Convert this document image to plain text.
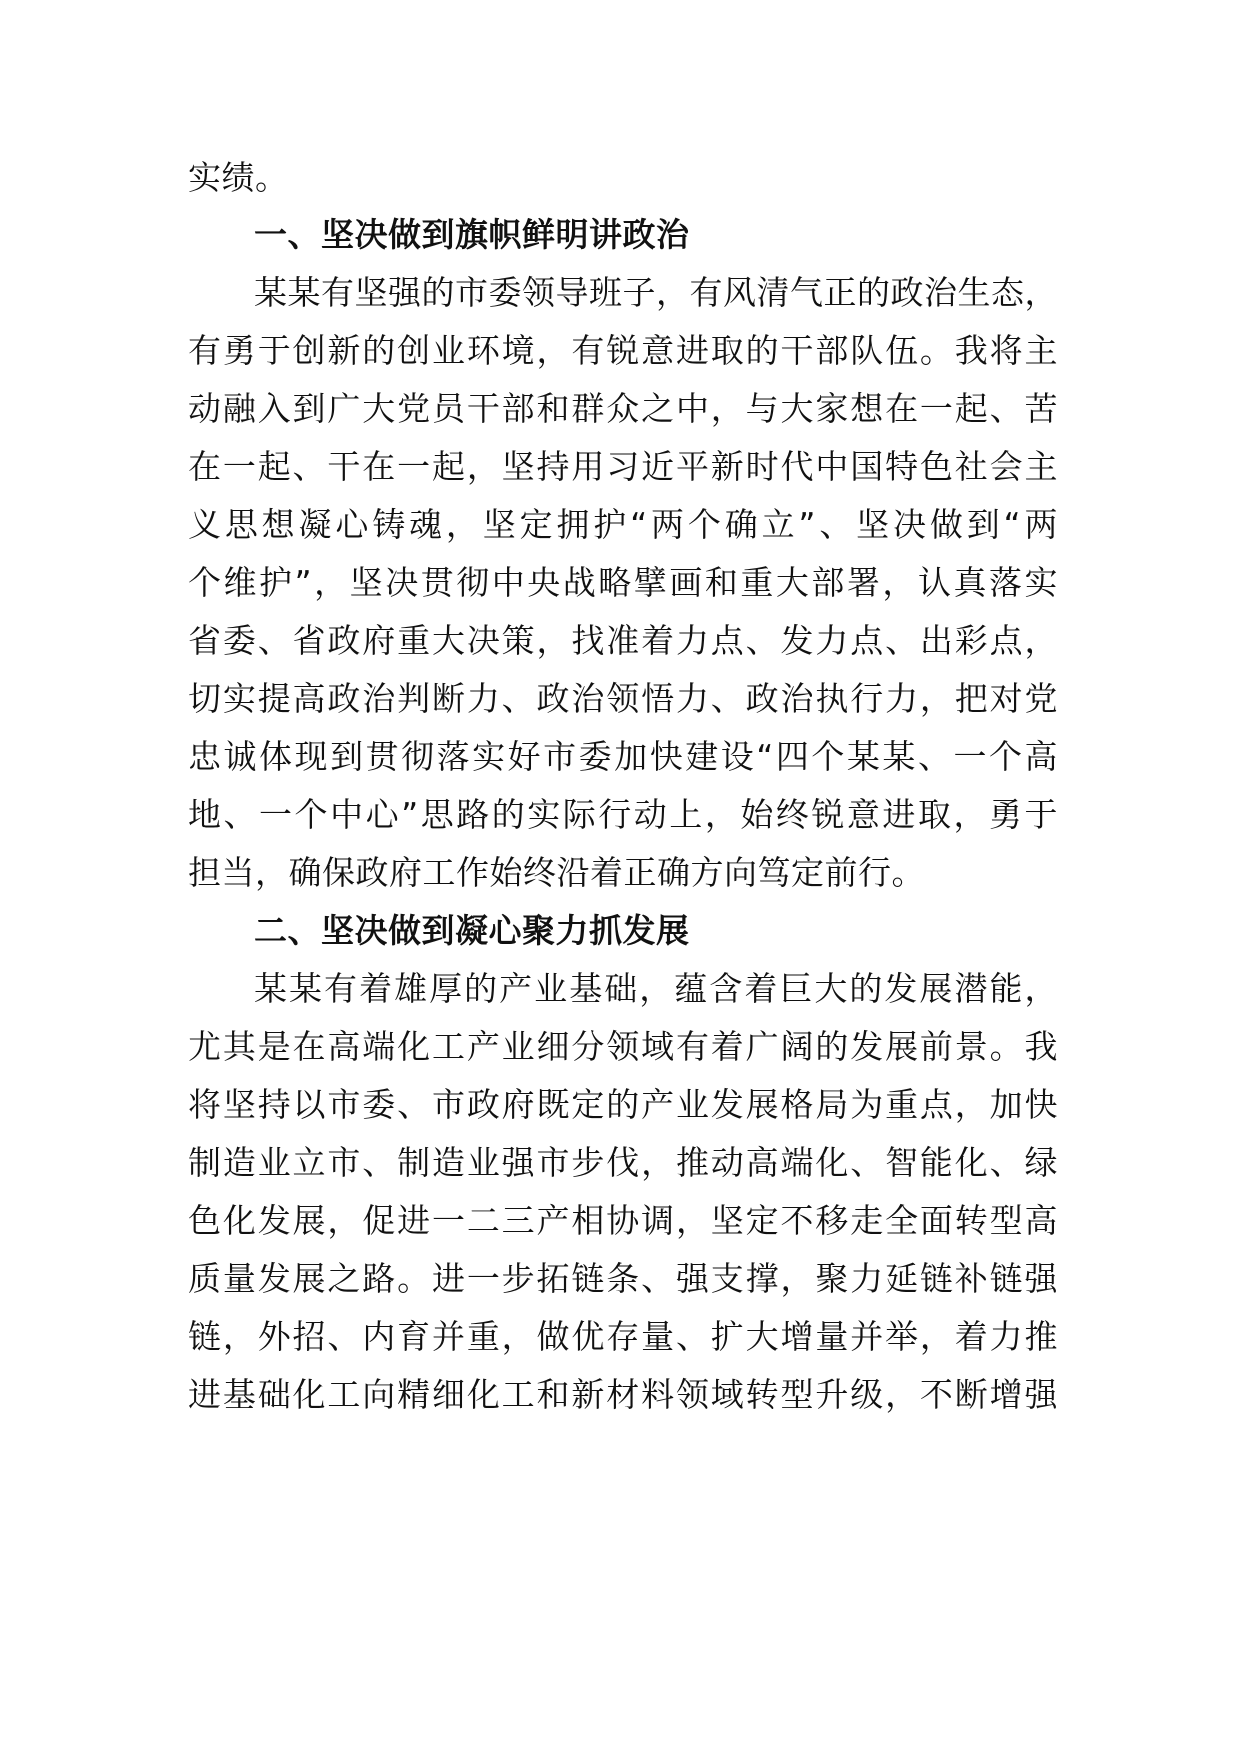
实绩。
一、坚决做到旗帜鲜明讲政治
某某有坚强的市委领导班子，有风清气正的政治生态，
有勇于创新的创业环境，有锐意进取的干部队伍。我将主
动融入到广大党员干部和群众之中，与大家想在一起、苦
在一起、干在一起，坚持用习近平新时代中国特色社会主
义思想凝心铸魂，坚定拥护“两个确立”、坚决做到“两
个维护”，坚决贯彻中央战略擘画和重大部署，认真落实
省委、省政府重大决策，找准着力点、发力点、出彩点，
切实提高政治判断力、政治领悟力、政治执行力，把对党
忠诚体现到贯彻落实好市委加快建设“四个某某、一个高
地、一个中心”思路的实际行动上，始终锐意进取，勇于
担当，确保政府工作始终沿着正确方向笃定前行。
二、坚决做到凝心聚力抓发展
某某有着雄厚的产业基础，蕴含着巨大的发展潜能，
尤其是在高端化工产业细分领域有着广阔的发展前景。我
将坚持以市委、市政府既定的产业发展格局为重点，加快
制造业立市、制造业强市步伐，推动高端化、智能化、绿
色化发展，促进一二三产相协调，坚定不移走全面转型高
质量发展之路。进一步拓链条、强支撑，聚力延链补链强
链，外招、内育并重，做优存量、扩大增量并举，着力推
进基础化工向精细化工和新材料领域转型升级，不断增强
